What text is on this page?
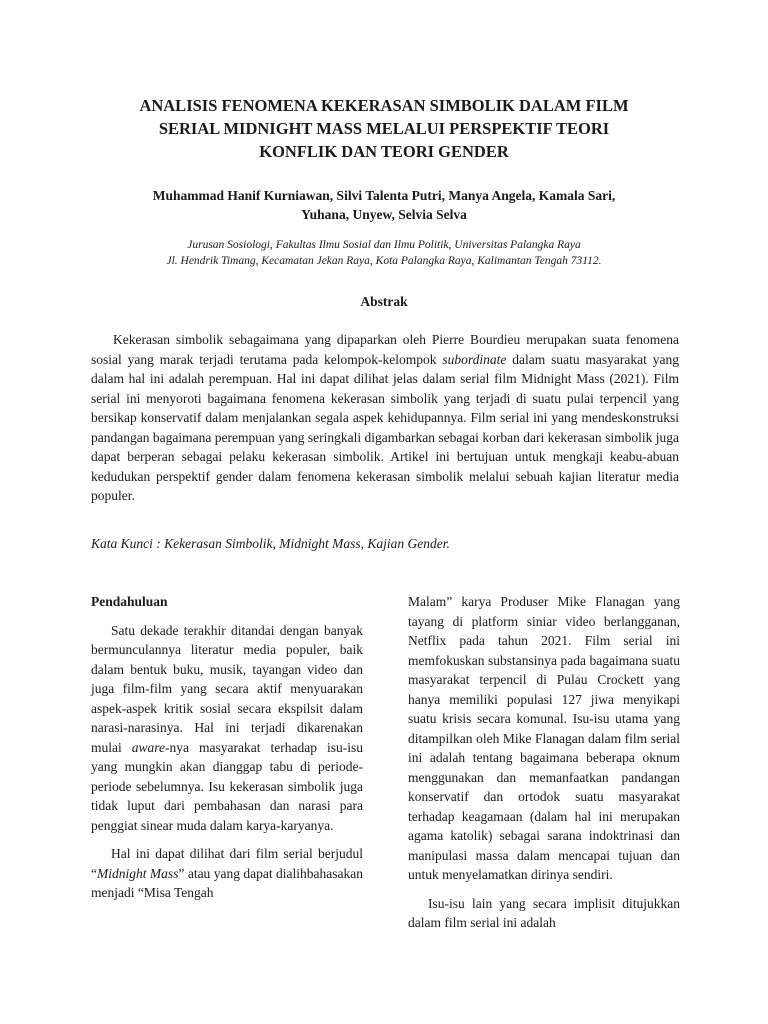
ANALISIS FENOMENA KEKERASAN SIMBOLIK DALAM FILM
SERIAL MIDNIGHT MASS MELALUI PERSPEKTIF TEORI
KONFLIK DAN TEORI GENDER
Muhammad Hanif Kurniawan, Silvi Talenta Putri, Manya Angela, Kamala Sari,
Yuhana, Unyew, Selvia Selva
Jurusan Sosiologi, Fakultas Ilmu Sosial dan Ilmu Politik, Universitas Palangka Raya
Jl. Hendrik Timang, Kecamatan Jekan Raya, Kota Palangka Raya, Kalimantan Tengah 73112.
Abstrak

Kekerasan simbolik sebagaimana yang dipaparkan oleh Pierre Bourdieu merupakan suata fenomena sosial yang marak terjadi terutama pada kelompok-kelompok subordinate dalam suatu masyarakat yang dalam hal ini adalah perempuan. Hal ini dapat dilihat jelas dalam serial film Midnight Mass (2021). Film serial ini menyoroti bagaimana fenomena kekerasan simbolik yang terjadi di suatu pulai terpencil yang bersikap konservatif dalam menjalankan segala aspek kehidupannya. Film serial ini yang mendeskonstruksi pandangan bagaimana perempuan yang seringkali digambarkan sebagai korban dari kekerasan simbolik juga dapat berperan sebagai pelaku kekerasan simbolik. Artikel ini bertujuan untuk mengkaji keabu-abuan kedudukan perspektif gender dalam fenomena kekerasan simbolik melalui sebuah kajian literatur media populer.

Kata Kunci : Kekerasan Simbolik, Midnight Mass, Kajian Gender.

Pendahuluan

Satu dekade terakhir ditandai dengan banyak bermunculannya literatur media populer, baik dalam bentuk buku, musik, tayangan video dan juga film-film yang secara aktif menyuarakan aspek-aspek kritik sosial secara ekspilsit dalam narasi-narasinya. Hal ini terjadi dikarenakan mulai aware-nya masyarakat terhadap isu-isu yang mungkin akan dianggap tabu di periode-periode sebelumnya. Isu kekerasan simbolik juga tidak luput dari pembahasan dan narasi para penggiat sinear muda dalam karya-karyanya.

Hal ini dapat dilihat dari film serial berjudul “Midnight Mass” atau yang dapat dialihbahasakan menjadi “Misa Tengah

Malam” karya Produser Mike Flanagan yang tayang di platform siniar video berlangganan, Netflix pada tahun 2021. Film serial ini memfokuskan substansinya pada bagaimana suatu masyarakat terpencil di Pulau Crockett yang hanya memiliki populasi 127 jiwa menyikapi suatu krisis secara komunal. Isu-isu utama yang ditampilkan oleh Mike Flanagan dalam film serial ini adalah tentang bagaimana beberapa oknum menggunakan dan memanfaatkan pandangan konservatif dan ortodok suatu masyarakat terhadap keagamaan (dalam hal ini merupakan agama katolik) sebagai sarana indoktrinasi dan manipulasi massa dalam mencapai tujuan dan untuk menyelamatkan dirinya sendiri.

Isu-isu lain yang secara implisit ditujukkan dalam film serial ini adalah
